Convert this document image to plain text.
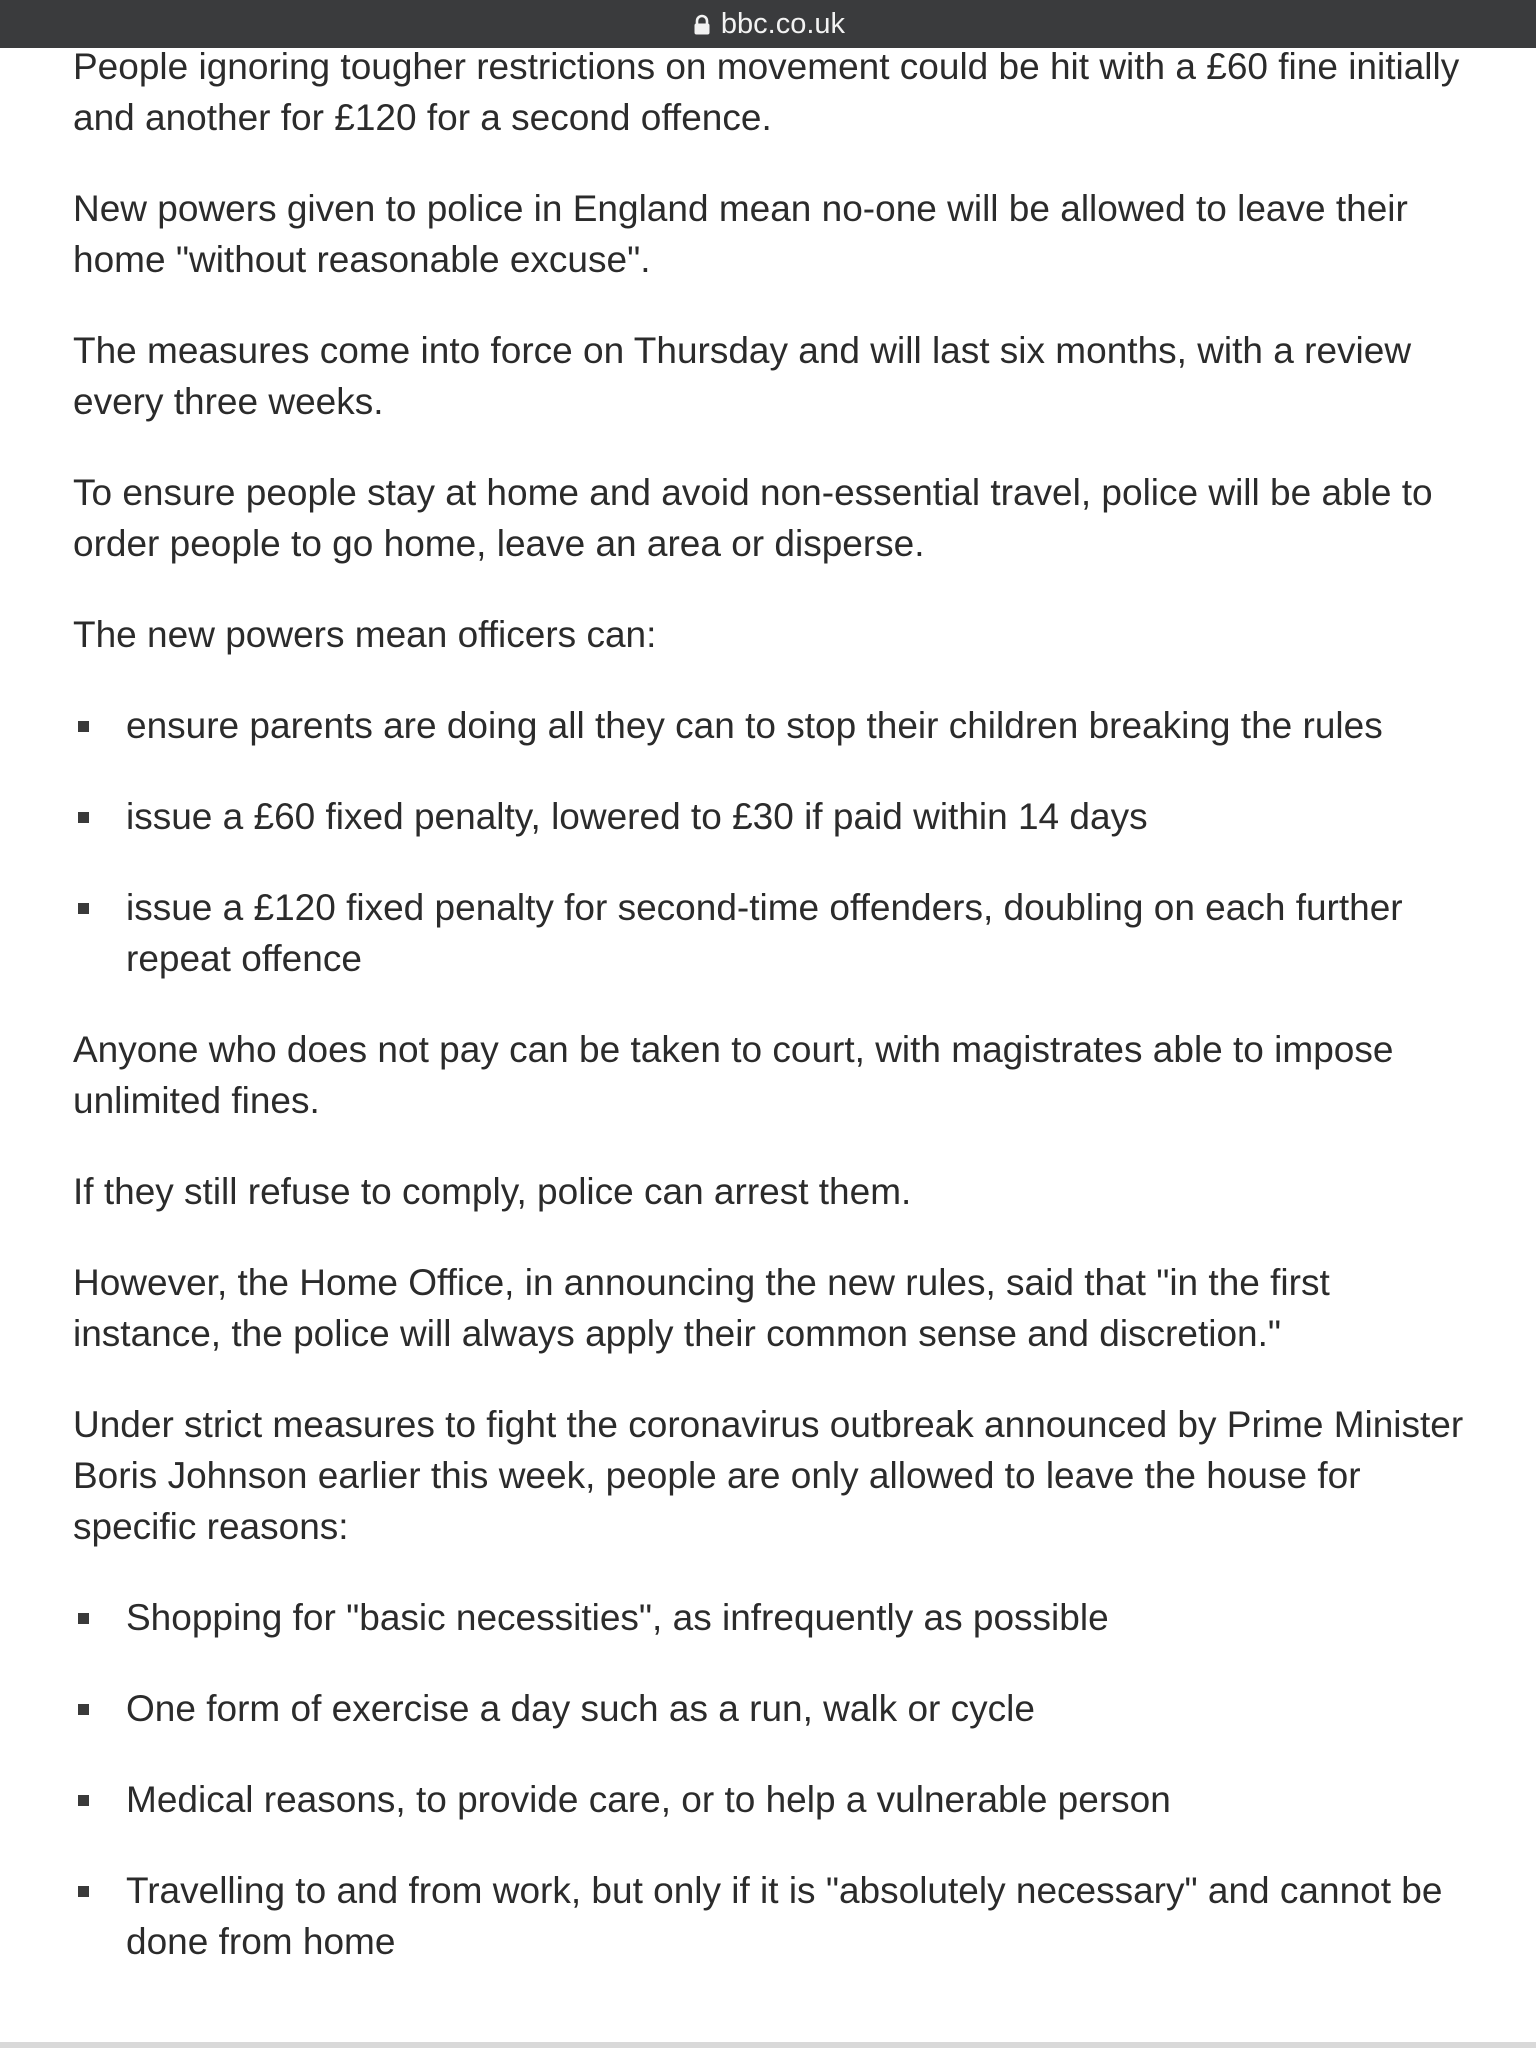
bbc.co.uk

People ignoring tougher restrictions on movement could be hit with a £60 fine initially and another for £120 for a second offence.

New powers given to police in England mean no-one will be allowed to leave their home "without reasonable excuse".

The measures come into force on Thursday and will last six months, with a review every three weeks.

To ensure people stay at home and avoid non-essential travel, police will be able to order people to go home, leave an area or disperse.

The new powers mean officers can:

ensure parents are doing all they can to stop their children breaking the rules
issue a £60 fixed penalty, lowered to £30 if paid within 14 days
issue a £120 fixed penalty for second-time offenders, doubling on each further repeat offence

Anyone who does not pay can be taken to court, with magistrates able to impose unlimited fines.

If they still refuse to comply, police can arrest them.

However, the Home Office, in announcing the new rules, said that "in the first instance, the police will always apply their common sense and discretion."

Under strict measures to fight the coronavirus outbreak announced by Prime Minister Boris Johnson earlier this week, people are only allowed to leave the house for specific reasons:

Shopping for "basic necessities", as infrequently as possible
One form of exercise a day such as a run, walk or cycle
Medical reasons, to provide care, or to help a vulnerable person
Travelling to and from work, but only if it is "absolutely necessary" and cannot be done from home
